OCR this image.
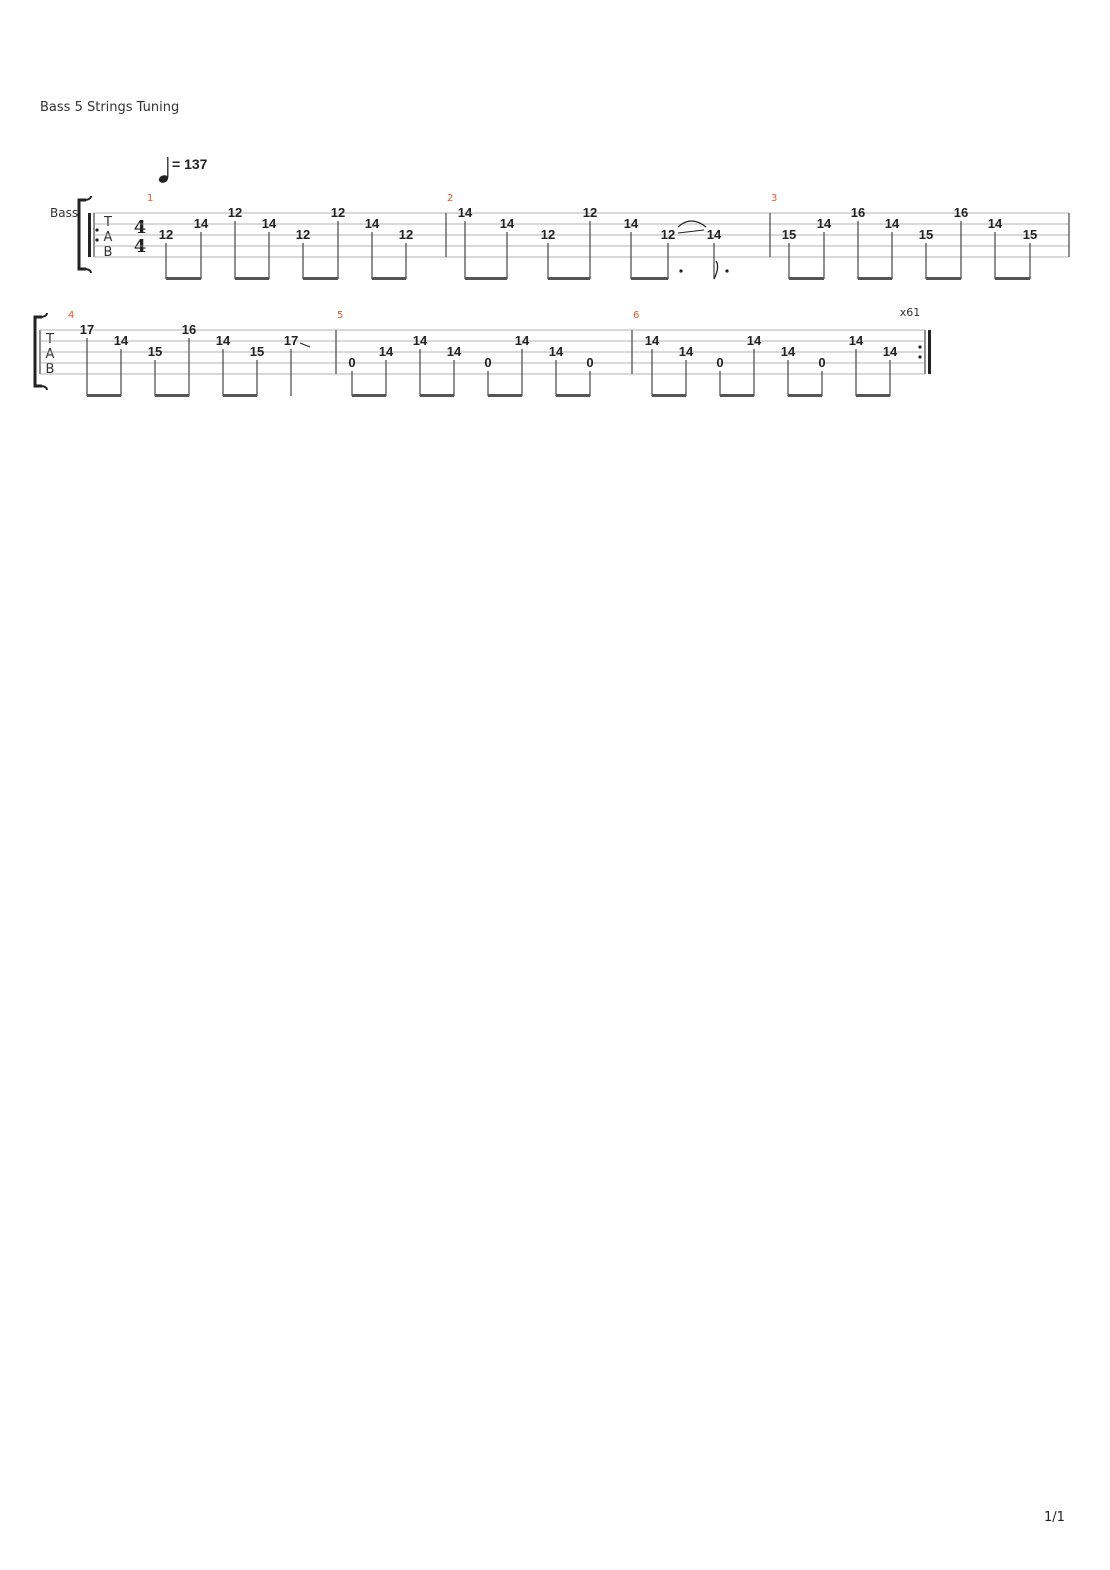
Bass 5 Strings Tuning
1/1
= 137
Bass
T
A
B
4
4
T
A
B
x61
1
12
14
12
14
12
12
14
12
2
14
14
12
12
14
12 14
3
15
14
16
14
15
16
14
15
4
17
14
15
16
14
15
17
5
0
14
14
14
0
14
14
0
6
14
14
0
14
14
0
14
14
